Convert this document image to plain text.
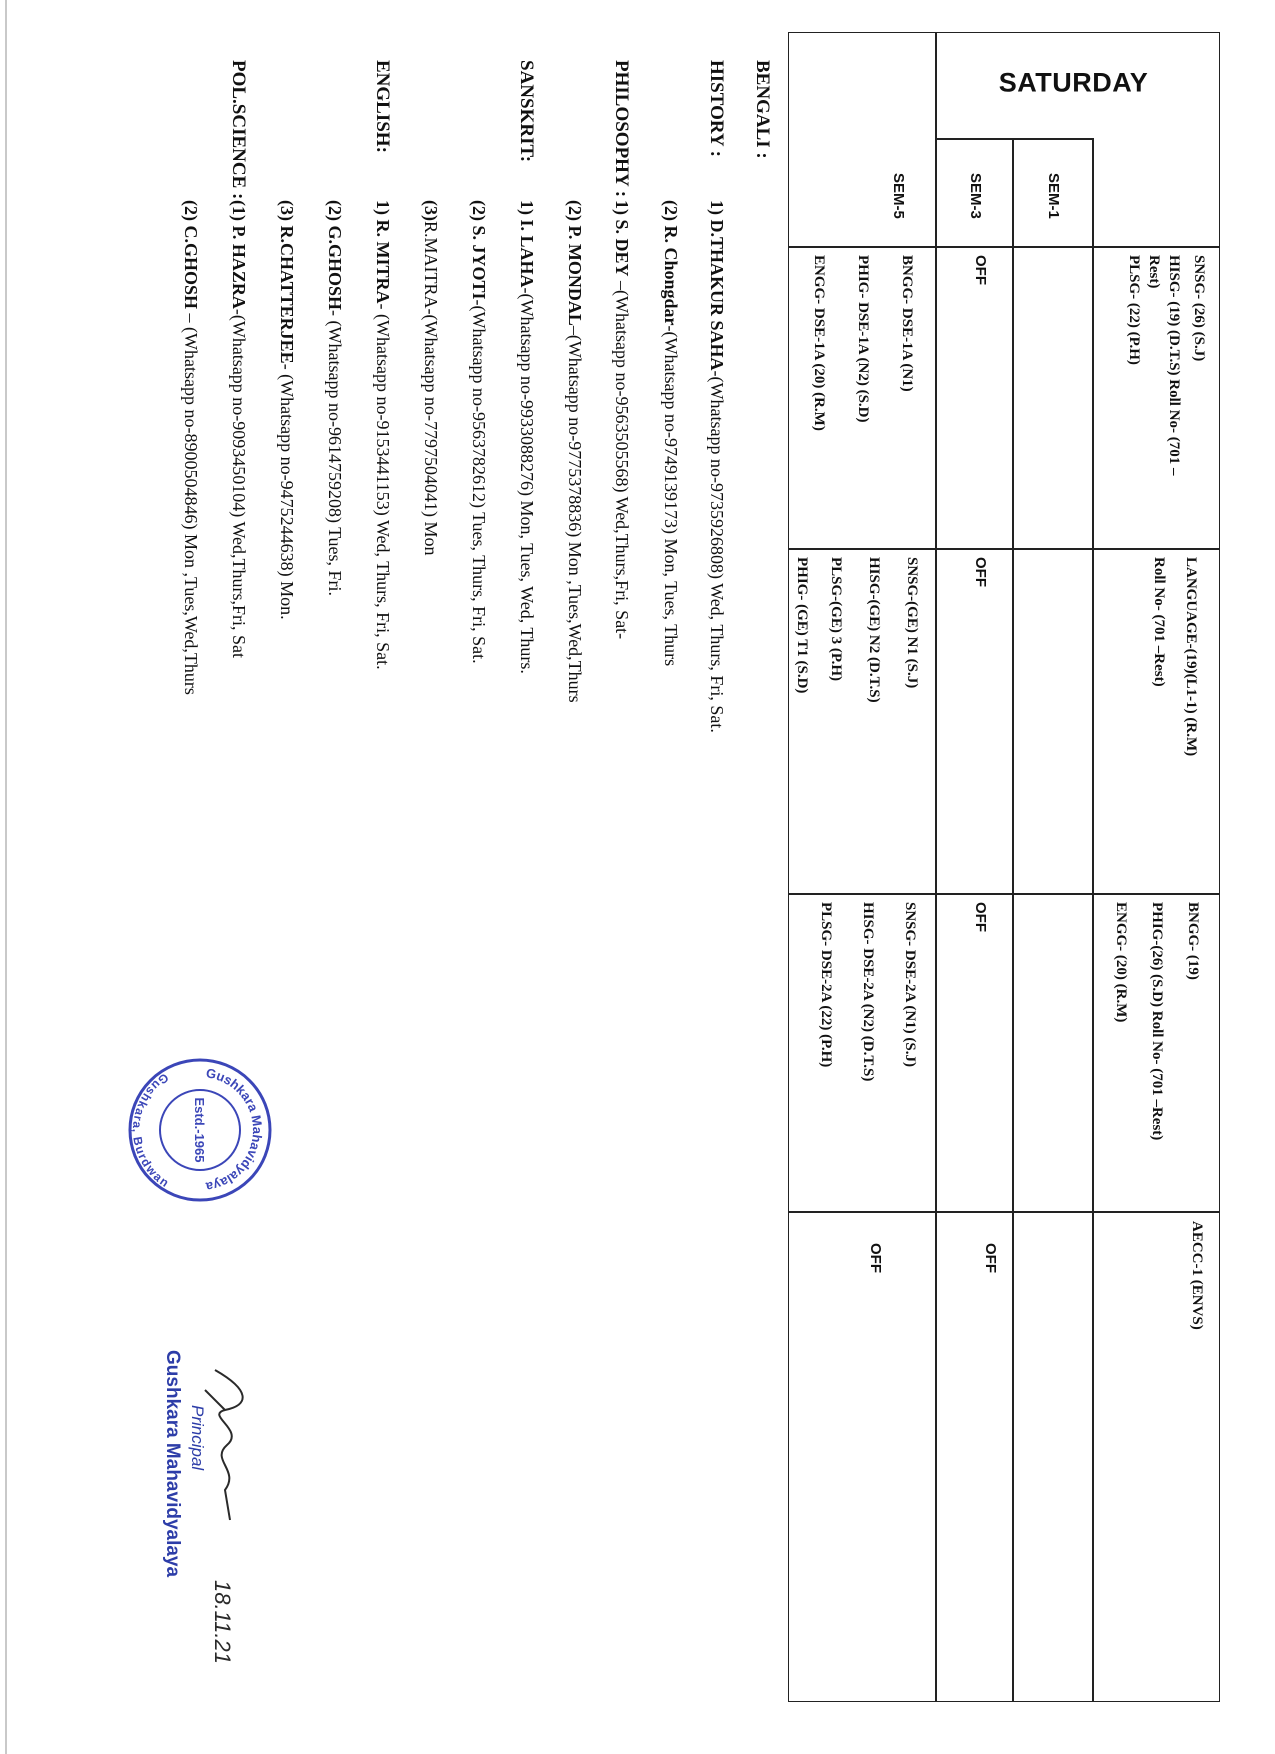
SATURDAY
SEM-1
SEM-3
SEM-5
SNSG- (26) (S.J)
HISG- (19) (D.T.S) Roll No- (701 –
Rest)
PLSG- (22) (P.H)
OFF
BNGG- DSE-1A (N1)
PHIG- DSE-1A (N2) (S.D)
ENGG- DSE-1A (20) (R.M)
LANGUAGE-(19)(L1-1) (R.M)
Roll No- (701 –Rest)
OFF
SNSG-(GE) N1 (S.J)
HISG-(GE) N2 (D.T.S)
PLSG-(GE) 3 (P.H)
PHIG- (GE) T1 (S.D)
BNGG- (19)
PHIG-(26) (S.D) Roll No- (701 –Rest)
ENGG- (20) (R.M)
OFF
SNSG- DSE-2A (N1) (S.J)
HISG- DSE-2A (N2) (D.T.S)
PLSG- DSE-2A (22) (P.H)
AECC-1 (ENVS)
OFF
OFF
BENGALI :
HISTORY :
1) D.THAKUR SAHA-(Whatsapp no-9735926808) Wed, Thurs, Fri, Sat.
(2) R. Chongdar-(Whatsapp no-9749139173) Mon, Tues, Thurs
PHILOSOPHY :
1) S. DEY –(Whatsapp no-9563505568) Wed,Thurs,Fri, Sat-
(2) P. MONDAL–(Whatsapp no-9775378836) Mon ,Tues,Wed,Thurs
SANSKRIT:
1) I. LAHA-(Whatsapp no-9933088276) Mon, Tues, Wed, Thurs.
(2) S. JYOTI-(Whatsapp no-9563782612) Tues, Thurs, Fri, Sat.
(3)R.MAITRA-(Whatsapp no-7797504041) Mon
ENGLISH:
1) R. MITRA- (Whatsapp no-9153441153) Wed, Thurs, Fri, Sat.
(2) G.GHOSH- (Whatsapp no-9614759208) Tues, Fri.
(3) R.CHATTERJEE- (Whatsapp no-9475244638) Mon.
POL.SCIENCE :
(1) P. HAZRA-(Whatsapp no-9093450104) Wed,Thurs,Fri, Sat
(2) C.GHOSH – (Whatsapp no-8900504846) Mon ,Tues,Wed,Thurs
Gushkara Mahavidyalaya
Gushkara, Burdwan
Estd.-1965
18.11.21
Principal
Gushkara Mahavidyalaya
